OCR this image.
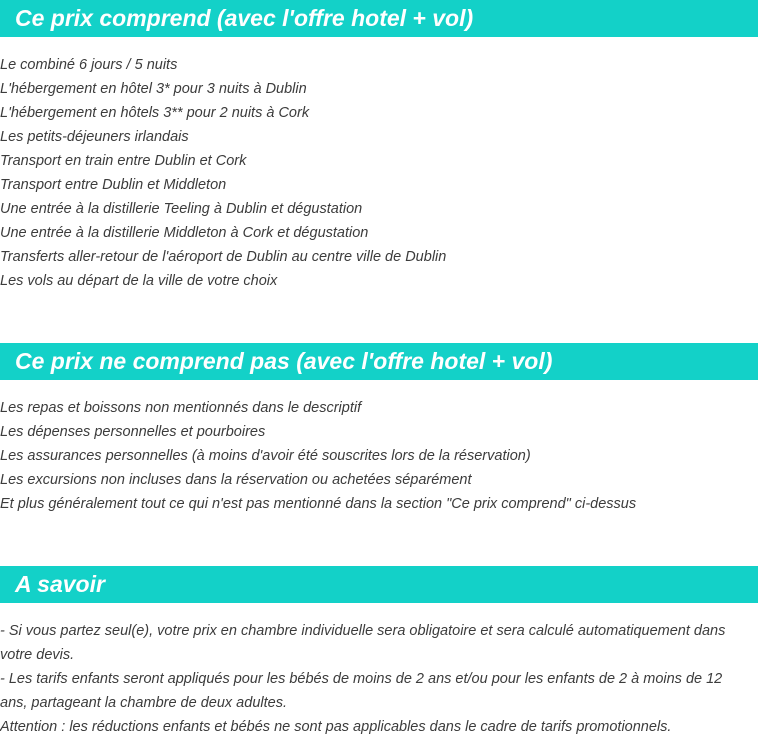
Ce prix comprend (avec l'offre hotel + vol)
Le combiné 6 jours / 5 nuits
L'hébergement en hôtel 3* pour 3 nuits à Dublin
L'hébergement en hôtels 3** pour 2 nuits à Cork
Les petits-déjeuners irlandais
Transport en train entre Dublin et Cork
Transport entre Dublin et Middleton
Une entrée à la distillerie Teeling à Dublin et dégustation
Une entrée à la distillerie Middleton à Cork et dégustation
Transferts aller-retour de l'aéroport de Dublin au centre ville de Dublin
Les vols au départ de la ville de votre choix
Ce prix ne comprend pas (avec l'offre hotel + vol)
Les repas et boissons non mentionnés dans le descriptif
Les dépenses personnelles et pourboires
Les assurances personnelles (à moins d'avoir été souscrites lors de la réservation)
Les excursions non incluses dans la réservation ou achetées séparément
Et plus généralement tout ce qui n'est pas mentionné dans la section "Ce prix comprend" ci-dessus
A savoir

- Si vous partez seul(e), votre prix en chambre individuelle sera obligatoire et sera calculé automatiquement dans votre devis.

- Les tarifs enfants seront appliqués pour les bébés de moins de 2 ans et/ou pour les enfants de 2 à moins de 12 ans, partageant la chambre de deux adultes.

Attention : les réductions enfants et bébés ne sont pas applicables dans le cadre de tarifs promotionnels.
